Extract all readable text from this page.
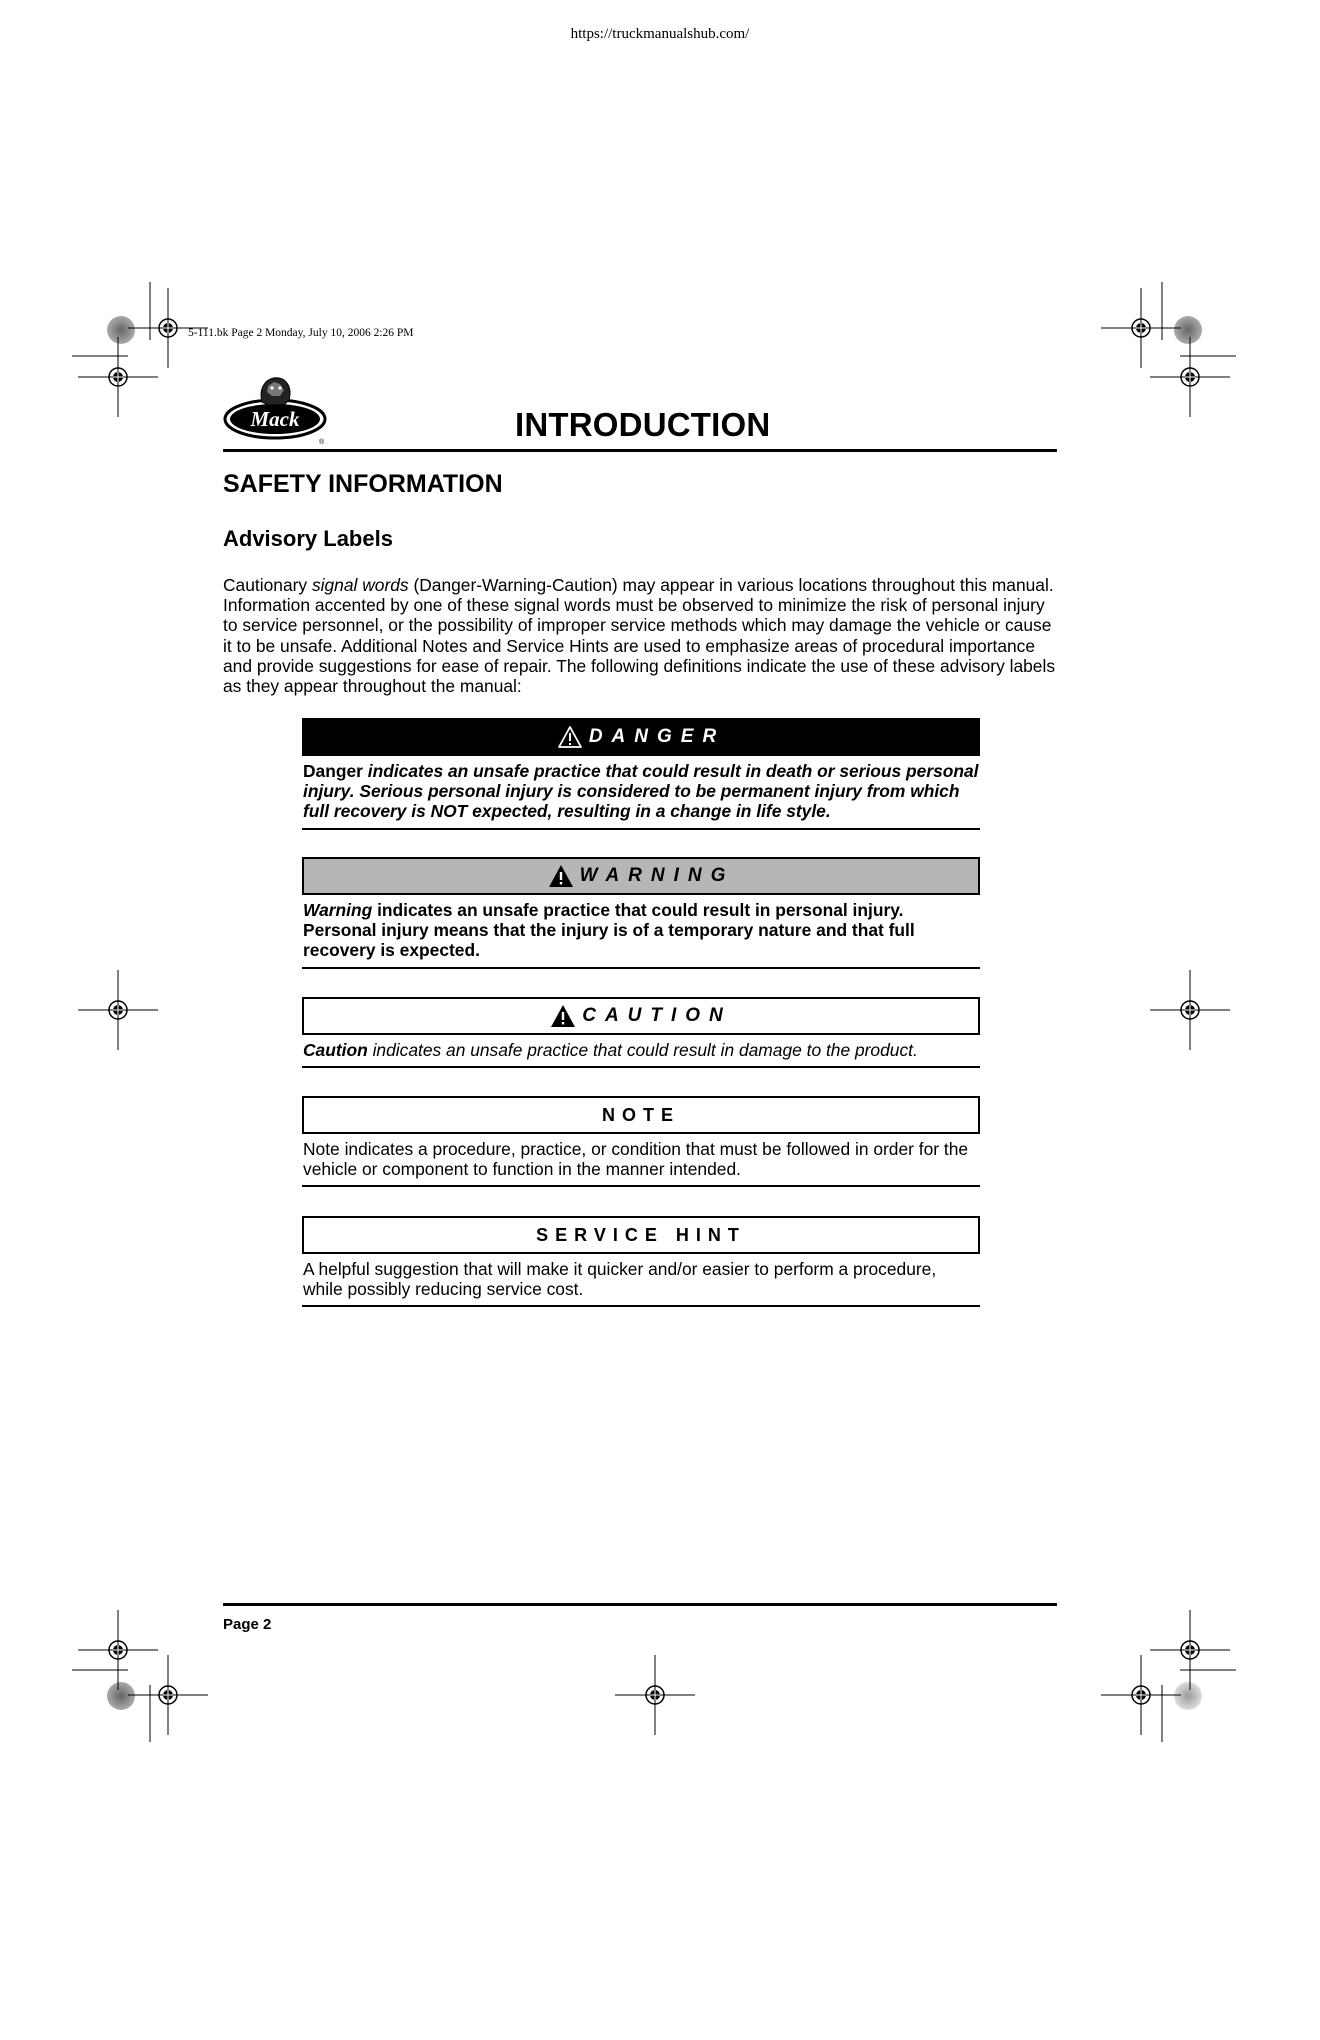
https://truckmanualshub.com/
5-111.bk Page 2 Monday, July 10, 2006 2:26 PM
Mack
®	INTRODUCTION
SAFETY INFORMATION
Advisory Labels
Cautionary signal words (Danger-Warning-Caution) may appear in various locations throughout this manual. Information accented by one of these signal words must be observed to minimize the risk of personal injury to service personnel, or the possibility of improper service methods which may damage the vehicle or cause it to be unsafe. Additional Notes and Service Hints are used to emphasize areas of procedural importance and provide suggestions for ease of repair. The following definitions indicate the use of these advisory labels as they appear throughout the manual:
DANGER
Danger indicates an unsafe practice that could result in death or serious personal injury. Serious personal injury is considered to be permanent injury from which full recovery is NOT expected, resulting in a change in life style.
WARNING
Warning indicates an unsafe practice that could result in personal injury. Personal injury means that the injury is of a temporary nature and that full recovery is expected.
CAUTION
Caution indicates an unsafe practice that could result in damage to the product.
NOTE
Note indicates a procedure, practice, or condition that must be followed in order for the vehicle or component to function in the manner intended.
SERVICE HINT
A helpful suggestion that will make it quicker and/or easier to perform a procedure, while possibly reducing service cost.
Page 2
